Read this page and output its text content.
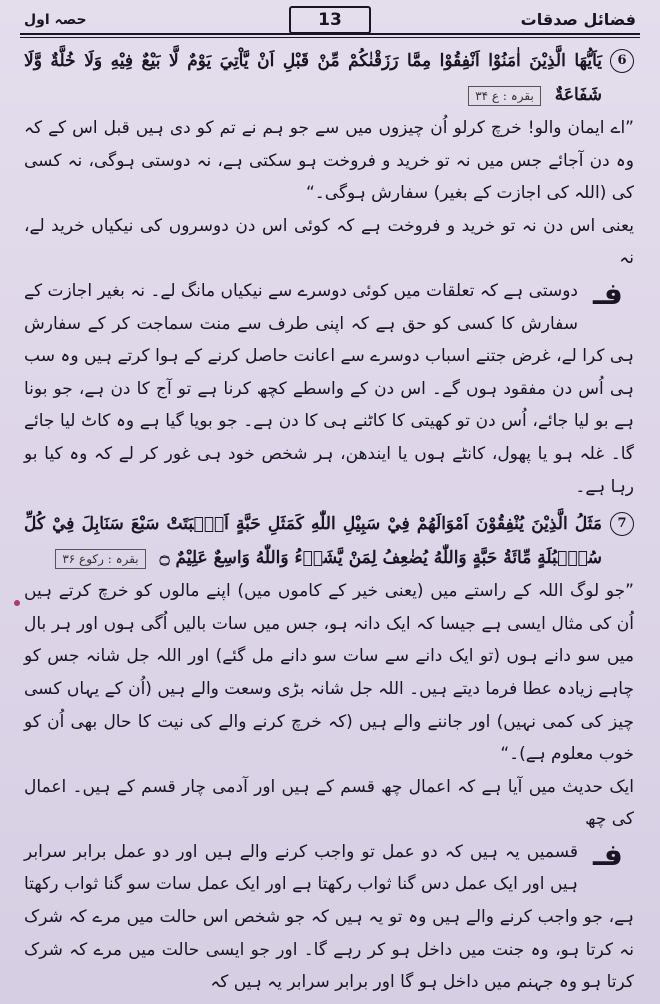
فضائل صدقات
13
حصہ اول
6
يَاَيُّهَا الَّذِيْنَ اٰمَنُوْا اَنْفِقُوْا مِمَّا رَزَقْنٰكُمْ مِّنْ قَبْلِ اَنْ يَّاْتِيَ يَوْمٌ لَّا بَيْعٌ فِيْهِ وَلَا خُلَّةٌ وَّلَا شَفَاعَةٌ بقرہ : ع ۳۴

”اے ایمان والو! خرچ کرلو اُن چیزوں میں سے جو ہم نے تم کو دی ہیں قبل اس کے کہ وہ دن آجائے جس میں نہ تو خرید و فروخت ہو سکتی ہے، نہ دوستی ہوگی، نہ کسی کی (اللہ کی اجازت کے بغیر) سفارش ہوگی۔“

یعنی اس دن نہ تو خرید و فروخت ہے کہ کوئی اس دن دوسروں کی نیکیاں خرید لے، نہ

فـ
دوستی ہے کہ تعلقات میں کوئی دوسرے سے نیکیاں مانگ لے۔ نہ بغیر اجازت کے سفارش کا کسی کو حق ہے کہ اپنی طرف سے منت سماجت کر کے سفارش ہی کرا لے، غرض جتنے اسباب دوسرے سے اعانت حاصل کرنے کے ہوا کرتے ہیں وہ سب ہی اُس دن مفقود ہوں گے۔ اس دن کے واسطے کچھ کرنا ہے تو آج کا دن ہے، جو بونا ہے بو لیا جائے، اُس دن تو کھیتی کا کاٹنے ہی کا دن ہے۔ جو بویا گیا ہے وہ کاٹ لیا جائے گا۔ غلہ ہو یا پھول، کانٹے ہوں یا ایندھن، ہر شخص خود ہی غور کر لے کہ وہ کیا بو رہا ہے۔

7
مَثَلُ الَّذِيْنَ يُنْفِقُوْنَ اَمْوَالَهُمْ فِيْ سَبِيْلِ اللّٰهِ كَمَثَلِ حَبَّةٍ اَنْۢبَتَتْ سَبْعَ سَنَابِلَ فِيْ كُلِّ سُنْۢبُلَةٍ مِّائَةُ حَبَّةٍ وَاللّٰهُ يُضٰعِفُ لِمَنْ يَّشَاۤءُ وَاللّٰهُ وَاسِعٌ عَلِيْمٌ ۝ بقرہ : رکوع ۳۶

”جو لوگ اللہ کے راستے میں (یعنی خیر کے کاموں میں) اپنے مالوں کو خرچ کرتے ہیں اُن کی مثال ایسی ہے جیسا کہ ایک دانہ ہو، جس میں سات بالیں اُگی ہوں اور ہر بال میں سو دانے ہوں (تو ایک دانے سے سات سو دانے مل گئے) اور اللہ جل شانہ جس کو چاہے زیادہ عطا فرما دیتے ہیں۔ اللہ جل شانہ بڑی وسعت والے ہیں (اُن کے یہاں کسی چیز کی کمی نہیں) اور جاننے والے ہیں (کہ خرچ کرنے والے کی نیت کا حال بھی اُن کو خوب معلوم ہے)۔“

ایک حدیث میں آیا ہے کہ اعمال چھ قسم کے ہیں اور آدمی چار قسم کے ہیں۔ اعمال کی چھ

فـ
قسمیں یہ ہیں کہ دو عمل تو واجب کرنے والے ہیں اور دو عمل برابر سرابر ہیں اور ایک عمل دس گنا ثواب رکھتا ہے اور ایک عمل سات سو گنا ثواب رکھتا ہے، جو واجب کرنے والے ہیں وہ تو یہ ہیں کہ جو شخص اس حالت میں مرے کہ شرک نہ کرتا ہو، وہ جنت میں داخل ہو کر رہے گا۔ اور جو ایسی حالت میں مرے کہ شرک کرتا ہو وہ جہنم میں داخل ہو گا اور برابر سرابر یہ ہیں کہ
